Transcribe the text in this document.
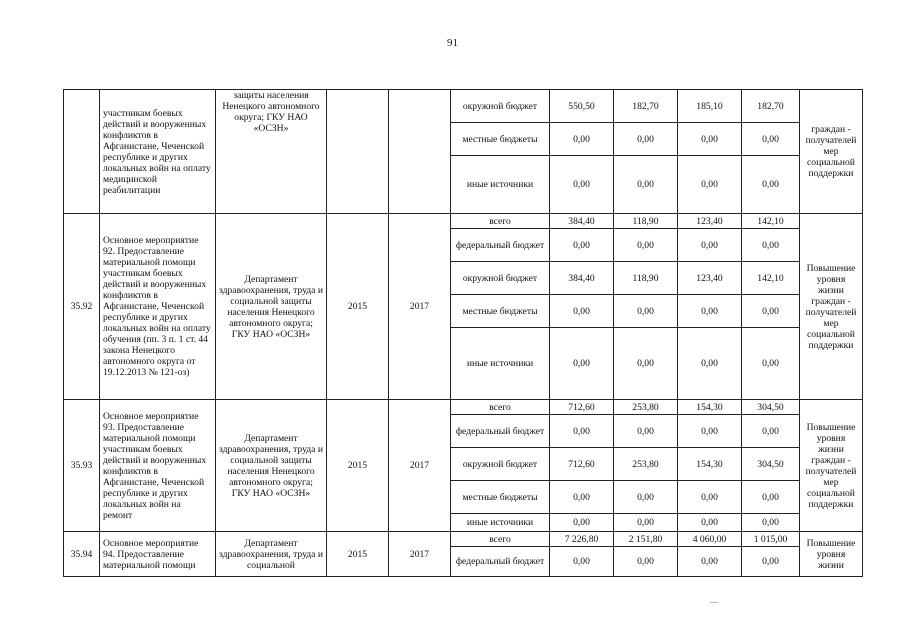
91
	участникам боевых действий и вооруженных конфликтов в Афганистане, Чеченской республике и других локальных войн на оплату медицинской реабилитации	защиты населения Ненецкого автономного округа; ГКУ НАО «ОСЗН»			окружной бюджет	550,50	182,70	185,10	182,70	граждан - получателей мер социальной поддержки
					местные бюджеты	0,00	0,00	0,00	0,00	
					иные источники	0,00	0,00	0,00	0,00	
35.92	Основное мероприятие 92. Предоставление материальной помощи участникам боевых действий и вооруженных конфликтов в Афганистане, Чеченской республике и других локальных войн на оплату обучения (пп. 3 п. 1 ст. 44 закона Ненецкого автономного округа от 19.12.2013 № 121-оз)	Департамент здравоохранения, труда и социальной защиты населения Ненецкого автономного округа; ГКУ НАО «ОСЗН»	2015	2017	всего	384,40	118,90	123,40	142,10	Повышение уровня жизни граждан - получателей мер социальной поддержки
					федеральный бюджет	0,00	0,00	0,00	0,00	
					окружной бюджет	384,40	118,90	123,40	142,10	
					местные бюджеты	0,00	0,00	0,00	0,00	
					иные источники	0,00	0,00	0,00	0,00	
35.93	Основное мероприятие 93. Предоставление материальной помощи участникам боевых действий и вооруженных конфликтов в Афганистане, Чеченской республике и других локальных войн на ремонт	Департамент здравоохранения, труда и социальной защиты населения Ненецкого автономного округа; ГКУ НАО «ОСЗН»	2015	2017	всего	712,60	253,80	154,30	304,50	Повышение уровня жизни граждан - получателей мер социальной поддержки
					федеральный бюджет	0,00	0,00	0,00	0,00	
					окружной бюджет	712,60	253,80	154,30	304,50	
					местные бюджеты	0,00	0,00	0,00	0,00	
					иные источники	0,00	0,00	0,00	0,00	
35.94	Основное мероприятие 94. Предоставление материальной помощи	Департамент здравоохранения, труда и социальной	2015	2017	всего	7 226,80	2 151,80	4 060,00	1 015,00	Повышение уровня жизни
					федеральный бюджет	0,00	0,00	0,00	0,00	
